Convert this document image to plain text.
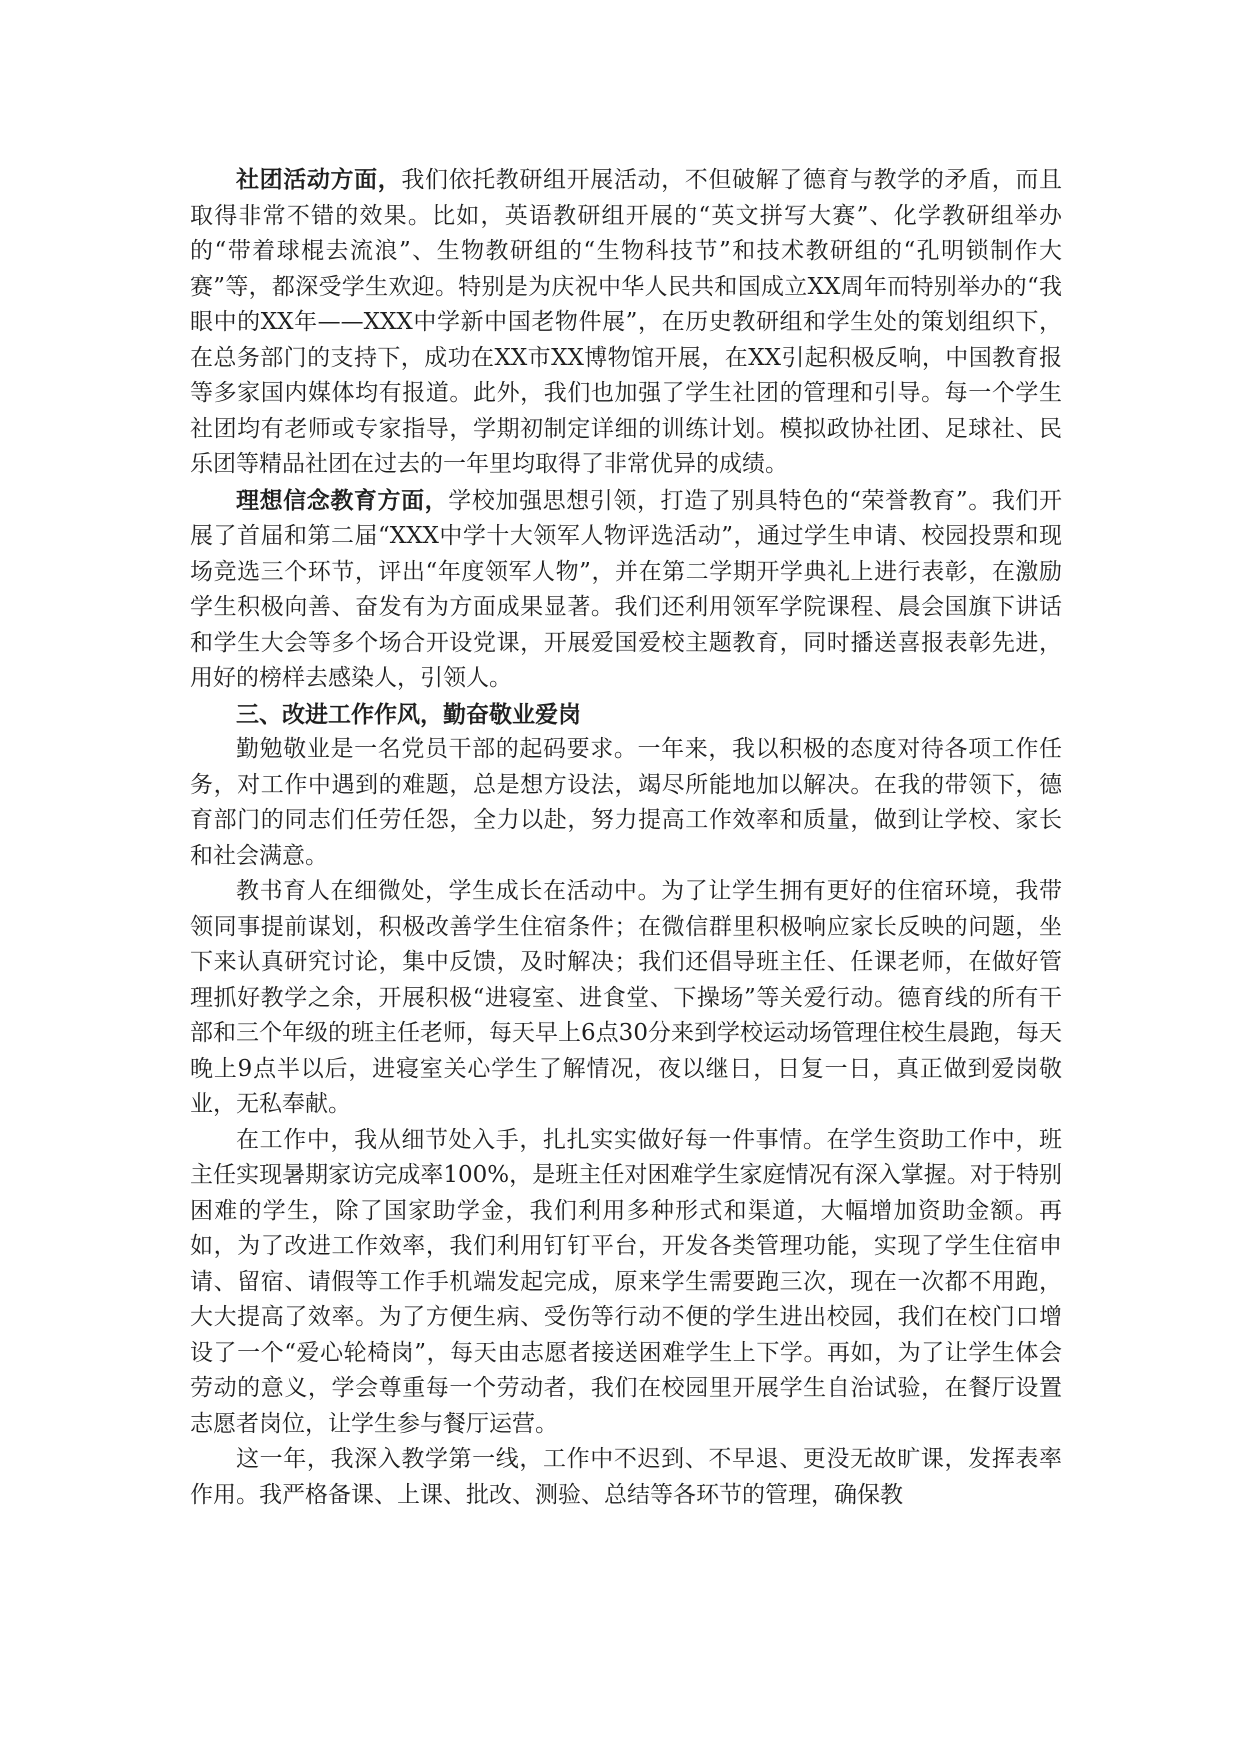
社团活动方面，我们依托教研组开展活动，不但破解了德育与教学的矛盾，而且取得非常不错的效果。比如，英语教研组开展的“英文拼写大赛”、化学教研组举办的“带着球棍去流浪”、生物教研组的“生物科技节”和技术教研组的“孔明锁制作大赛”等，都深受学生欢迎。特别是为庆祝中华人民共和国成立XX周年而特别举办的“我眼中的XX年——XXX中学新中国老物件展”，在历史教研组和学生处的策划组织下，在总务部门的支持下，成功在XX市XX博物馆开展，在XX引起积极反响，中国教育报等多家国内媒体均有报道。此外，我们也加强了学生社团的管理和引导。每一个学生社团均有老师或专家指导，学期初制定详细的训练计划。模拟政协社团、足球社、民乐团等精品社团在过去的一年里均取得了非常优异的成绩。

理想信念教育方面，学校加强思想引领，打造了别具特色的“荣誉教育”。我们开展了首届和第二届“XXX中学十大领军人物评选活动”，通过学生申请、校园投票和现场竞选三个环节，评出“年度领军人物”，并在第二学期开学典礼上进行表彰，在激励学生积极向善、奋发有为方面成果显著。我们还利用领军学院课程、晨会国旗下讲话和学生大会等多个场合开设党课，开展爱国爱校主题教育，同时播送喜报表彰先进，用好的榜样去感染人，引领人。

三、改进工作作风，勤奋敬业爱岗

勤勉敬业是一名党员干部的起码要求。一年来，我以积极的态度对待各项工作任务，对工作中遇到的难题，总是想方设法，竭尽所能地加以解决。在我的带领下，德育部门的同志们任劳任怨，全力以赴，努力提高工作效率和质量，做到让学校、家长和社会满意。

教书育人在细微处，学生成长在活动中。为了让学生拥有更好的住宿环境，我带领同事提前谋划，积极改善学生住宿条件；在微信群里积极响应家长反映的问题，坐下来认真研究讨论，集中反馈，及时解决；我们还倡导班主任、任课老师，在做好管理抓好教学之余，开展积极“进寝室、进食堂、下操场”等关爱行动。德育线的所有干部和三个年级的班主任老师，每天早上6点30分来到学校运动场管理住校生晨跑，每天晚上9点半以后，进寝室关心学生了解情况，夜以继日，日复一日，真正做到爱岗敬业，无私奉献。

在工作中，我从细节处入手，扎扎实实做好每一件事情。在学生资助工作中，班主任实现暑期家访完成率100%，是班主任对困难学生家庭情况有深入掌握。对于特别困难的学生，除了国家助学金，我们利用多种形式和渠道，大幅增加资助金额。再如，为了改进工作效率，我们利用钉钉平台，开发各类管理功能，实现了学生住宿申请、留宿、请假等工作手机端发起完成，原来学生需要跑三次，现在一次都不用跑，大大提高了效率。为了方便生病、受伤等行动不便的学生进出校园，我们在校门口增设了一个“爱心轮椅岗”，每天由志愿者接送困难学生上下学。再如，为了让学生体会劳动的意义，学会尊重每一个劳动者，我们在校园里开展学生自治试验，在餐厅设置志愿者岗位，让学生参与餐厅运营。

这一年，我深入教学第一线，工作中不迟到、不早退、更没无故旷课，发挥表率作用。我严格备课、上课、批改、测验、总结等各环节的管理，确保教
